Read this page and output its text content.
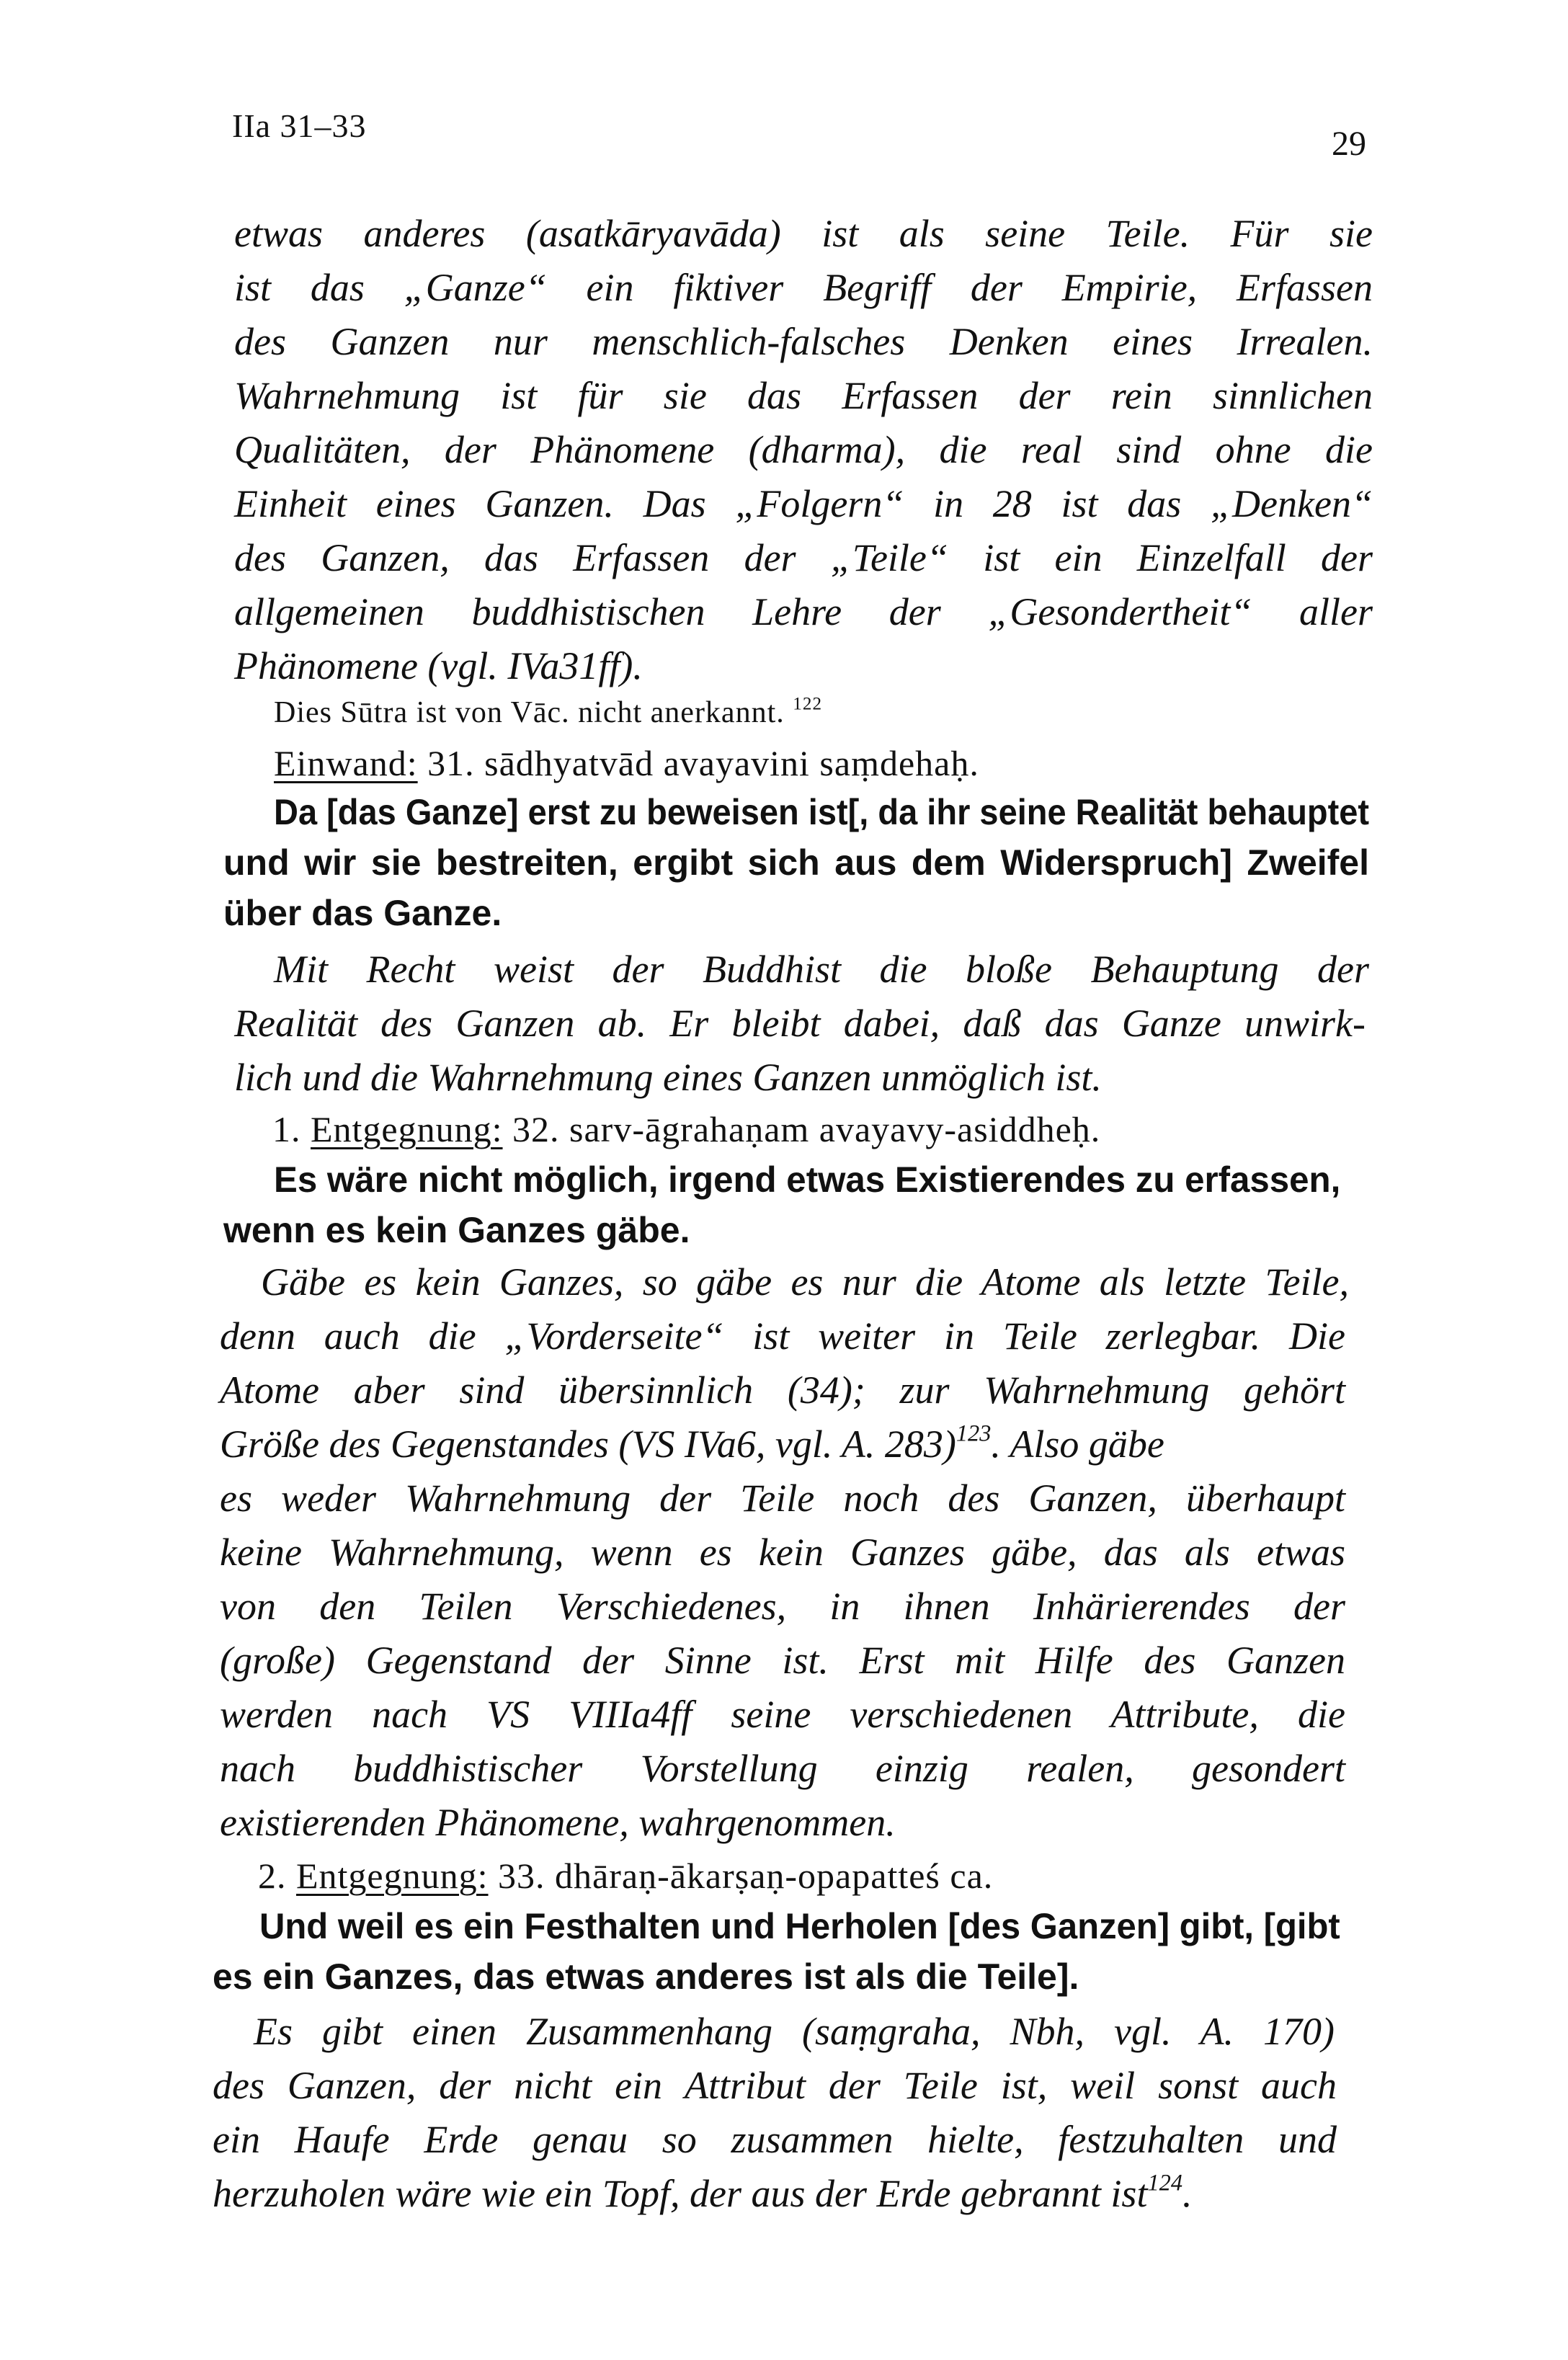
IIa 31–33	29
etwas anderes (asatkāryavāda) ist als seine Teile. Für sie
ist das „Ganze“ ein fiktiver Begriff der Empirie, Erfassen
des Ganzen nur menschlich-falsches Denken eines Irrealen.
Wahrnehmung ist für sie das Erfassen der rein sinnlichen
Qualitäten, der Phänomene (dharma), die real sind ohne die
Einheit eines Ganzen. Das „Folgern“ in 28 ist das „Denken“
des Ganzen, das Erfassen der „Teile“ ist ein Einzelfall der
allgemeinen buddhistischen Lehre der „Gesondertheit“ aller
Phänomene (vgl. IVa31ff).
Dies Sūtra ist von Vāc. nicht anerkannt. $^{122}$
Einwand: 31. sādhyatvād avayavini saṃdehaḥ.
Da [das Ganze] erst zu beweisen ist[, da ihr seine Realität behauptet
und wir sie bestreiten, ergibt sich aus dem Widerspruch] Zweifel
über das Ganze.
Mit Recht weist der Buddhist die bloße Behauptung der
Realität des Ganzen ab. Er bleibt dabei, daß das Ganze unwirk-
lich und die Wahrnehmung eines Ganzen unmöglich ist.
1. Entgegnung: 32. sarv-āgrahaṇam avayavy-asiddheḥ.
Es wäre nicht möglich, irgend etwas Existierendes zu erfassen,
wenn es kein Ganzes gäbe.
Gäbe es kein Ganzes, so gäbe es nur die Atome als letzte Teile,
denn auch die „Vorderseite“ ist weiter in Teile zerlegbar. Die
Atome aber sind übersinnlich (34); zur Wahrnehmung gehört
Größe des Gegenstandes (VS IVa6, vgl. A. 283)$^{123}$. Also gäbe
es weder Wahrnehmung der Teile noch des Ganzen, überhaupt
keine Wahrnehmung, wenn es kein Ganzes gäbe, das als etwas
von den Teilen Verschiedenes, in ihnen Inhärierendes der
(große) Gegenstand der Sinne ist. Erst mit Hilfe des Ganzen
werden nach VS VIIIa4ff seine verschiedenen Attribute, die
nach buddhistischer Vorstellung einzig realen, gesondert
existierenden Phänomene, wahrgenommen.
2. Entgegnung: 33. dhāraṇ-ākarṣaṇ-opapatteś ca.
Und weil es ein Festhalten und Herholen [des Ganzen] gibt, [gibt
es ein Ganzes, das etwas anderes ist als die Teile].
Es gibt einen Zusammenhang (saṃgraha, Nbh, vgl. A. 170)
des Ganzen, der nicht ein Attribut der Teile ist, weil sonst auch
ein Haufe Erde genau so zusammen hielte, festzuhalten und
herzuholen wäre wie ein Topf, der aus der Erde gebrannt ist$^{124}$.
